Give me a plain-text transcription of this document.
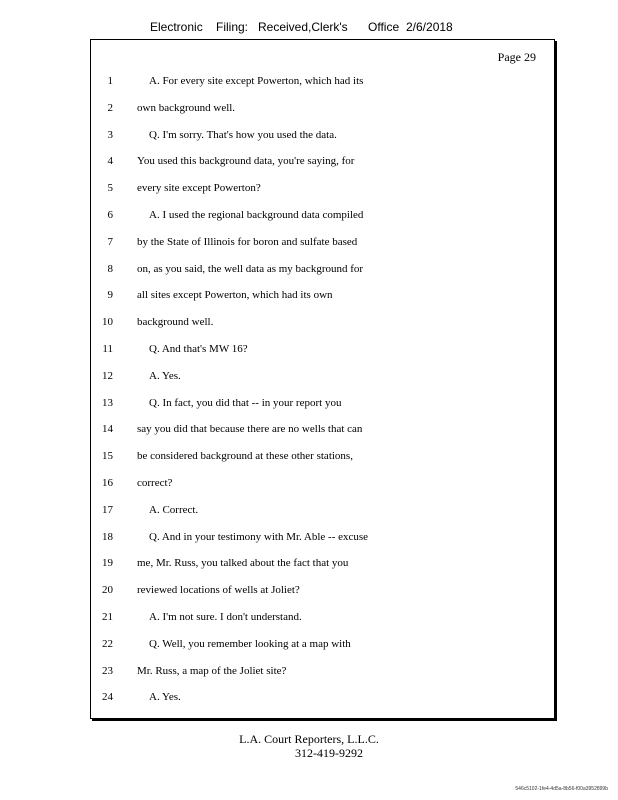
Electronic Filing: Received,Clerk's Office 2/6/2018
Page 29
1	A. For every site except Powerton, which had its
2 own background well.
3	Q. I'm sorry. That's how you used the data.
4 You used this background data, you're saying, for
5 every site except Powerton?
6	A. I used the regional background data compiled
7 by the State of Illinois for boron and sulfate based
8 on, as you said, the well data as my background for
9 all sites except Powerton, which had its own
10 background well.
11	Q. And that's MW 16?
12	A. Yes.
13	Q. In fact, you did that -- in your report you
14 say you did that because there are no wells that can
15 be considered background at these other stations,
16 correct?
17	A. Correct.
18	Q. And in your testimony with Mr. Able -- excuse
19 me, Mr. Russ, you talked about the fact that you
20 reviewed locations of wells at Joliet?
21	A. I'm not sure. I don't understand.
22	Q. Well, you remember looking at a map with
23 Mr. Russ, a map of the Joliet site?
24	A. Yes.
L.A. Court Reporters, L.L.C.
312-419-9292
546c5102-1fe4-4d5a-8b56-f00a3952899b
